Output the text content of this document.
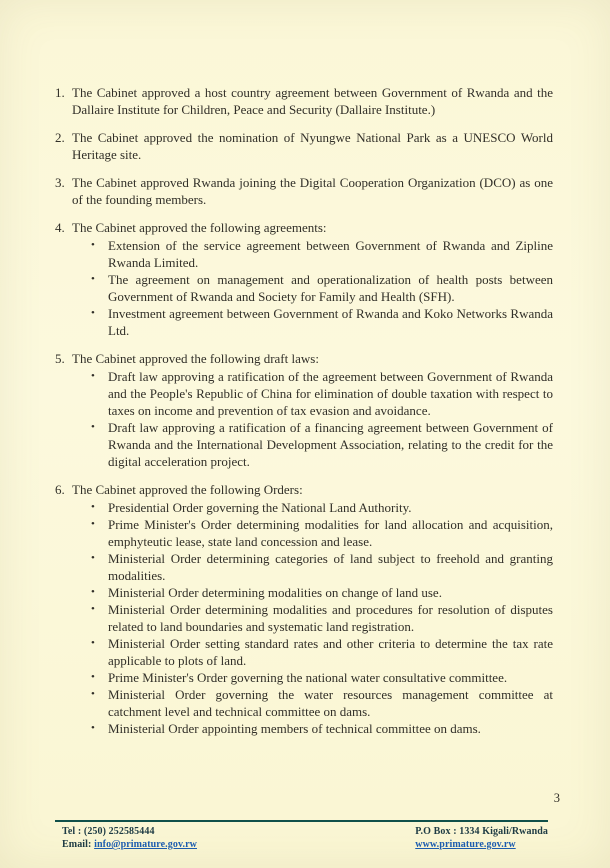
1. The Cabinet approved a host country agreement between Government of Rwanda and the Dallaire Institute for Children, Peace and Security (Dallaire Institute.)
2. The Cabinet approved the nomination of Nyungwe National Park as a UNESCO World Heritage site.
3. The Cabinet approved Rwanda joining the Digital Cooperation Organization (DCO) as one of the founding members.
4. The Cabinet approved the following agreements:
•	Extension of the service agreement between Government of Rwanda and Zipline Rwanda Limited.
•	The agreement on management and operationalization of health posts between Government of Rwanda and Society for Family and Health (SFH).
•	Investment agreement between Government of Rwanda and Koko Networks Rwanda Ltd.
5. The Cabinet approved the following draft laws:
•	Draft law approving a ratification of the agreement between Government of Rwanda and the People's Republic of China for elimination of double taxation with respect to taxes on income and prevention of tax evasion and avoidance.
•	Draft law approving a ratification of a financing agreement between Government of Rwanda and the International Development Association, relating to the credit for the digital acceleration project.
6. The Cabinet approved the following Orders:
•	Presidential Order governing the National Land Authority.
•	Prime Minister's Order determining modalities for land allocation and acquisition, emphyteutic lease, state land concession and lease.
•	Ministerial Order determining categories of land subject to freehold and granting modalities.
•	Ministerial Order determining modalities on change of land use.
•	Ministerial Order determining modalities and procedures for resolution of disputes related to land boundaries and systematic land registration.
•	Ministerial Order setting standard rates and other criteria to determine the tax rate applicable to plots of land.
•	Prime Minister's Order governing the national water consultative committee.
•	Ministerial Order governing the water resources management committee at catchment level and technical committee on dams.
•	Ministerial Order appointing members of technical committee on dams.
3
Tel : (250) 252585444
Email: info@primature.gov.rw
P.O Box : 1334 Kigali/Rwanda
www.primature.gov.rw
